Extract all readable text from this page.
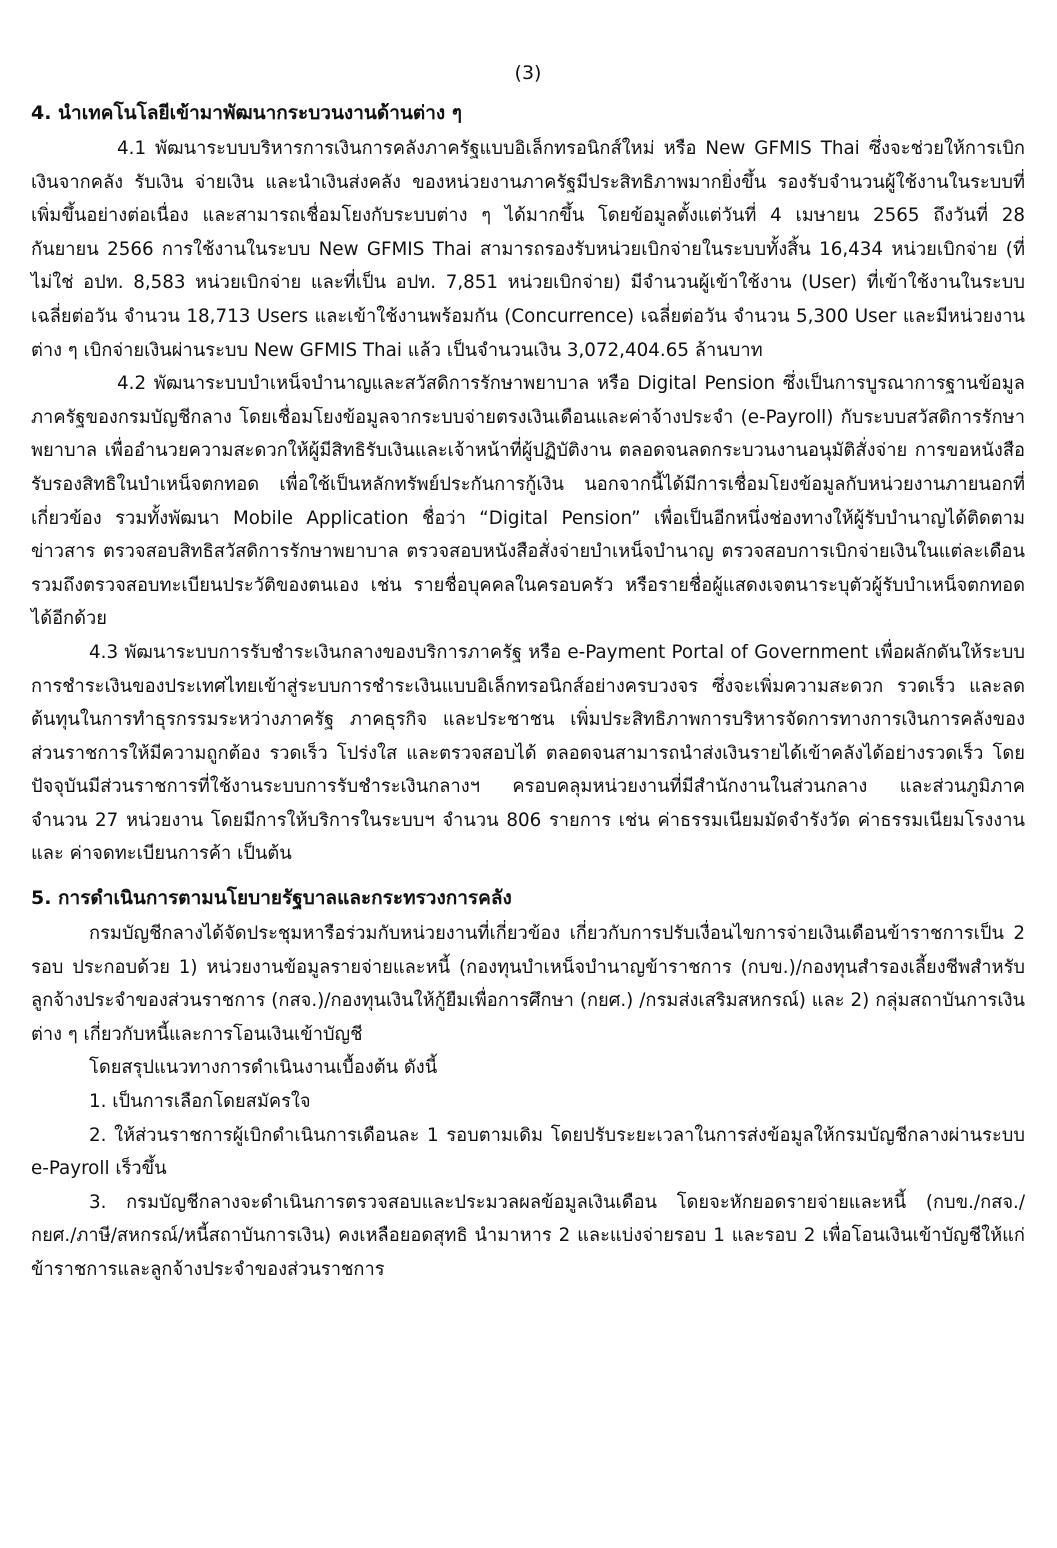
(3)
4. นำเทคโนโลยีเข้ามาพัฒนากระบวนงานด้านต่าง ๆ

4.1 พัฒนาระบบบริหารการเงินการคลังภาครัฐแบบอิเล็กทรอนิกส์ใหม่ หรือ New GFMIS Thai ซึ่งจะช่วยให้การเบิกเงินจากคลัง รับเงิน จ่ายเงิน และนำเงินส่งคลัง ของหน่วยงานภาครัฐมีประสิทธิภาพมากยิ่งขึ้น รองรับจำนวนผู้ใช้งานในระบบที่เพิ่มขึ้นอย่างต่อเนื่อง และสามารถเชื่อมโยงกับระบบต่าง ๆ ได้มากขึ้น โดยข้อมูลตั้งแต่วันที่ 4 เมษายน 2565 ถึงวันที่ 28 กันยายน 2566 การใช้งานในระบบ New GFMIS Thai สามารถรองรับหน่วยเบิกจ่ายในระบบทั้งสิ้น 16,434 หน่วยเบิกจ่าย (ที่ไม่ใช่ อปท. 8,583 หน่วยเบิกจ่าย และที่เป็น อปท. 7,851 หน่วยเบิกจ่าย) มีจำนวนผู้เข้าใช้งาน (User) ที่เข้าใช้งานในระบบเฉลี่ยต่อวัน จำนวน 18,713 Users และเข้าใช้งานพร้อมกัน (Concurrence) เฉลี่ยต่อวัน จำนวน 5,300 User และมีหน่วยงานต่าง ๆ เบิกจ่ายเงินผ่านระบบ New GFMIS Thai แล้ว เป็นจำนวนเงิน 3,072,404.65 ล้านบาท

4.2 พัฒนาระบบบำเหน็จบำนาญและสวัสดิการรักษาพยาบาล หรือ Digital Pension ซึ่งเป็นการบูรณาการฐานข้อมูลภาครัฐของกรมบัญชีกลาง โดยเชื่อมโยงข้อมูลจากระบบจ่ายตรงเงินเดือนและค่าจ้างประจำ (e-Payroll) กับระบบสวัสดิการรักษาพยาบาล เพื่ออำนวยความสะดวกให้ผู้มีสิทธิรับเงินและเจ้าหน้าที่ผู้ปฏิบัติงาน ตลอดจนลดกระบวนงานอนุมัติสั่งจ่าย การขอหนังสือรับรองสิทธิในบำเหน็จตกทอด เพื่อใช้เป็นหลักทรัพย์ประกันการกู้เงิน นอกจากนี้ได้มีการเชื่อมโยงข้อมูลกับหน่วยงานภายนอกที่เกี่ยวข้อง รวมทั้งพัฒนา Mobile Application ชื่อว่า “Digital Pension” เพื่อเป็นอีกหนึ่งช่องทางให้ผู้รับบำนาญได้ติดตามข่าวสาร ตรวจสอบสิทธิสวัสดิการรักษาพยาบาล ตรวจสอบหนังสือสั่งจ่ายบำเหน็จบำนาญ ตรวจสอบการเบิกจ่ายเงินในแต่ละเดือน รวมถึงตรวจสอบทะเบียนประวัติของตนเอง เช่น รายชื่อบุคคลในครอบครัว หรือรายชื่อผู้แสดงเจตนาระบุตัวผู้รับบำเหน็จตกทอดได้อีกด้วย

4.3 พัฒนาระบบการรับชำระเงินกลางของบริการภาครัฐ หรือ e-Payment Portal of Government เพื่อผลักดันให้ระบบการชำระเงินของประเทศไทยเข้าสู่ระบบการชำระเงินแบบอิเล็กทรอนิกส์อย่างครบวงจร ซึ่งจะเพิ่มความสะดวก รวดเร็ว และลดต้นทุนในการทำธุรกรรมระหว่างภาครัฐ ภาคธุรกิจ และประชาชน เพิ่มประสิทธิภาพการบริหารจัดการทางการเงินการคลังของส่วนราชการให้มีความถูกต้อง รวดเร็ว โปร่งใส และตรวจสอบได้ ตลอดจนสามารถนำส่งเงินรายได้เข้าคลังได้อย่างรวดเร็ว โดยปัจจุบันมีส่วนราชการที่ใช้งานระบบการรับชำระเงินกลางฯ ครอบคลุมหน่วยงานที่มีสำนักงานในส่วนกลาง และส่วนภูมิภาค จำนวน 27 หน่วยงาน โดยมีการให้บริการในระบบฯ จำนวน 806 รายการ เช่น ค่าธรรมเนียมมัดจำรังวัด ค่าธรรมเนียมโรงงาน และ ค่าจดทะเบียนการค้า เป็นต้น

5. การดำเนินการตามนโยบายรัฐบาลและกระทรวงการคลัง

กรมบัญชีกลางได้จัดประชุมหารือร่วมกับหน่วยงานที่เกี่ยวข้อง เกี่ยวกับการปรับเงื่อนไขการจ่ายเงินเดือนข้าราชการเป็น 2 รอบ ประกอบด้วย 1) หน่วยงานข้อมูลรายจ่ายและหนี้ (กองทุนบำเหน็จบำนาญข้าราชการ (กบข.)/กองทุนสำรองเลี้ยงชีพสำหรับลูกจ้างประจำของส่วนราชการ (กสจ.)/กองทุนเงินให้กู้ยืมเพื่อการศึกษา (กยศ.) /กรมส่งเสริมสหกรณ์) และ 2) กลุ่มสถาบันการเงินต่าง ๆ เกี่ยวกับหนี้และการโอนเงินเข้าบัญชี

โดยสรุปแนวทางการดำเนินงานเบื้องต้น ดังนี้

1. เป็นการเลือกโดยสมัครใจ

2. ให้ส่วนราชการผู้เบิกดำเนินการเดือนละ 1 รอบตามเดิม โดยปรับระยะเวลาในการส่งข้อมูลให้กรมบัญชีกลางผ่านระบบ e-Payroll เร็วขึ้น

3. กรมบัญชีกลางจะดำเนินการตรวจสอบและประมวลผลข้อมูลเงินเดือน โดยจะหักยอดรายจ่ายและหนี้ (กบข./กสจ./กยศ./ภาษี/สหกรณ์/หนี้สถาบันการเงิน) คงเหลือยอดสุทธิ นำมาหาร 2 และแบ่งจ่ายรอบ 1 และรอบ 2 เพื่อโอนเงินเข้าบัญชีให้แก่ข้าราชการและลูกจ้างประจำของส่วนราชการ
